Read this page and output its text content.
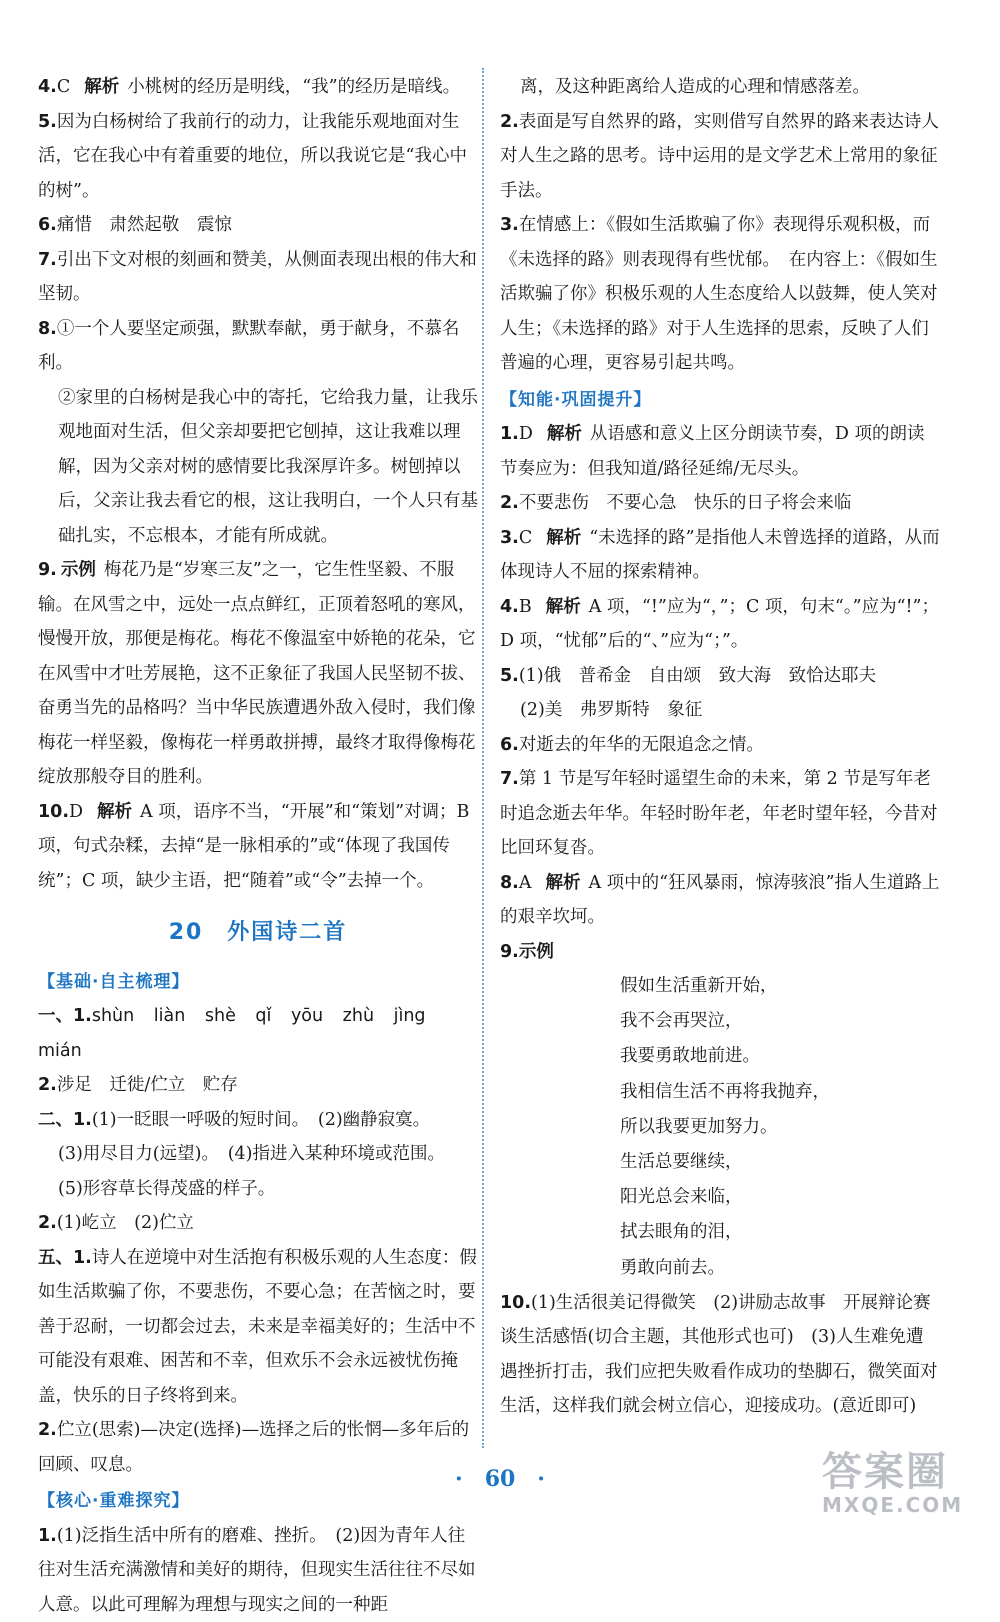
4.C 解析 小桃树的经历是明线，“我”的经历是暗线。

5.因为白杨树给了我前行的动力，让我能乐观地面对生活，它在我心中有着重要的地位，所以我说它是“我心中的树”。

6.痛惜　肃然起敬　震惊

7.引出下文对根的刻画和赞美，从侧面表现出根的伟大和坚韧。

8.①一个人要坚定顽强，默默奉献，勇于献身，不慕名利。

②家里的白杨树是我心中的寄托，它给我力量，让我乐观地面对生活，但父亲却要把它刨掉，这让我难以理解，因为父亲对树的感情要比我深厚许多。树刨掉以后，父亲让我去看它的根，这让我明白，一个人只有基础扎实，不忘根本，才能有所成就。

9. 示例 梅花乃是“岁寒三友”之一，它生性坚毅、不服输。在风雪之中，远处一点点鲜红，正顶着怒吼的寒风，慢慢开放，那便是梅花。梅花不像温室中娇艳的花朵，它在风雪中才吐芳展艳，这不正象征了我国人民坚韧不拔、奋勇当先的品格吗？当中华民族遭遇外敌入侵时，我们像梅花一样坚毅，像梅花一样勇敢拼搏，最终才取得像梅花绽放那般夺目的胜利。

10.D 解析 A 项，语序不当，“开展”和“策划”对调；B 项，句式杂糅，去掉“是一脉相承的”或“体现了我国传统”；C 项，缺少主语，把“随着”或“令”去掉一个。

20　外国诗二首
【基础·自主梳理】

一、1.shùn liàn shè qǐ yōu zhù jìng mián

2.涉足　迁徙/伫立　贮存

二、1.(1)一眨眼一呼吸的短时间。　(2)幽静寂寞。

(3)用尽目力(远望)。　(4)指进入某种环境或范围。

(5)形容草长得茂盛的样子。

2.(1)屹立　(2)伫立

五、1.诗人在逆境中对生活抱有积极乐观的人生态度：假如生活欺骗了你，不要悲伤，不要心急；在苦恼之时，要善于忍耐，一切都会过去，未来是幸福美好的；生活中不可能没有艰难、困苦和不幸，但欢乐不会永远被忧伤掩盖，快乐的日子终将到来。

2.伫立(思索)—决定(选择)—选择之后的怅惘—多年后的回顾、叹息。

【核心·重难探究】

1.(1)泛指生活中所有的磨难、挫折。　(2)因为青年人往往对生活充满激情和美好的期待，但现实生活往往不尽如人意。以此可理解为理想与现实之间的一种距

离，及这种距离给人造成的心理和情感落差。

2.表面是写自然界的路，实则借写自然界的路来表达诗人对人生之路的思考。诗中运用的是文学艺术上常用的象征手法。

3.在情感上：《假如生活欺骗了你》表现得乐观积极，而《未选择的路》则表现得有些忧郁。　在内容上：《假如生活欺骗了你》积极乐观的人生态度给人以鼓舞，使人笑对人生；《未选择的路》对于人生选择的思索，反映了人们普遍的心理，更容易引起共鸣。

【知能·巩固提升】

1.D 解析 从语感和意义上区分朗读节奏，D 项的朗读节奏应为：但我知道/路径延绵/无尽头。

2.不要悲伤　不要心急　快乐的日子将会来临

3.C 解析 “未选择的路”是指他人未曾选择的道路，从而体现诗人不屈的探索精神。

4.B 解析 A 项，“!”应为“，”；C 项，句末“。”应为“!”；D 项，“忧郁”后的“、”应为“；”。

5.(1)俄　普希金　自由颂　致大海　致恰达耶夫

(2)美　弗罗斯特　象征

6.对逝去的年华的无限追念之情。

7.第 1 节是写年轻时遥望生命的未来，第 2 节是写年老时追念逝去年华。年轻时盼年老，年老时望年轻，今昔对比回环复沓。

8.A 解析 A 项中的“狂风暴雨，惊涛骇浪”指人生道路上的艰辛坎坷。

9.示例

假如生活重新开始，
我不会再哭泣，
我要勇敢地前进。
我相信生活不再将我抛弃，
所以我要更加努力。
生活总要继续，
阳光总会来临，
拭去眼角的泪，
勇敢向前去。

10.(1)生活很美记得微笑　(2)讲励志故事　开展辩论赛　谈生活感悟(切合主题，其他形式也可)　(3)人生难免遭遇挫折打击，我们应把失败看作成功的垫脚石，微笑面对生活，这样我们就会树立信心，迎接成功。(意近即可)

·　60　·	答案圈
MXQE.COM
